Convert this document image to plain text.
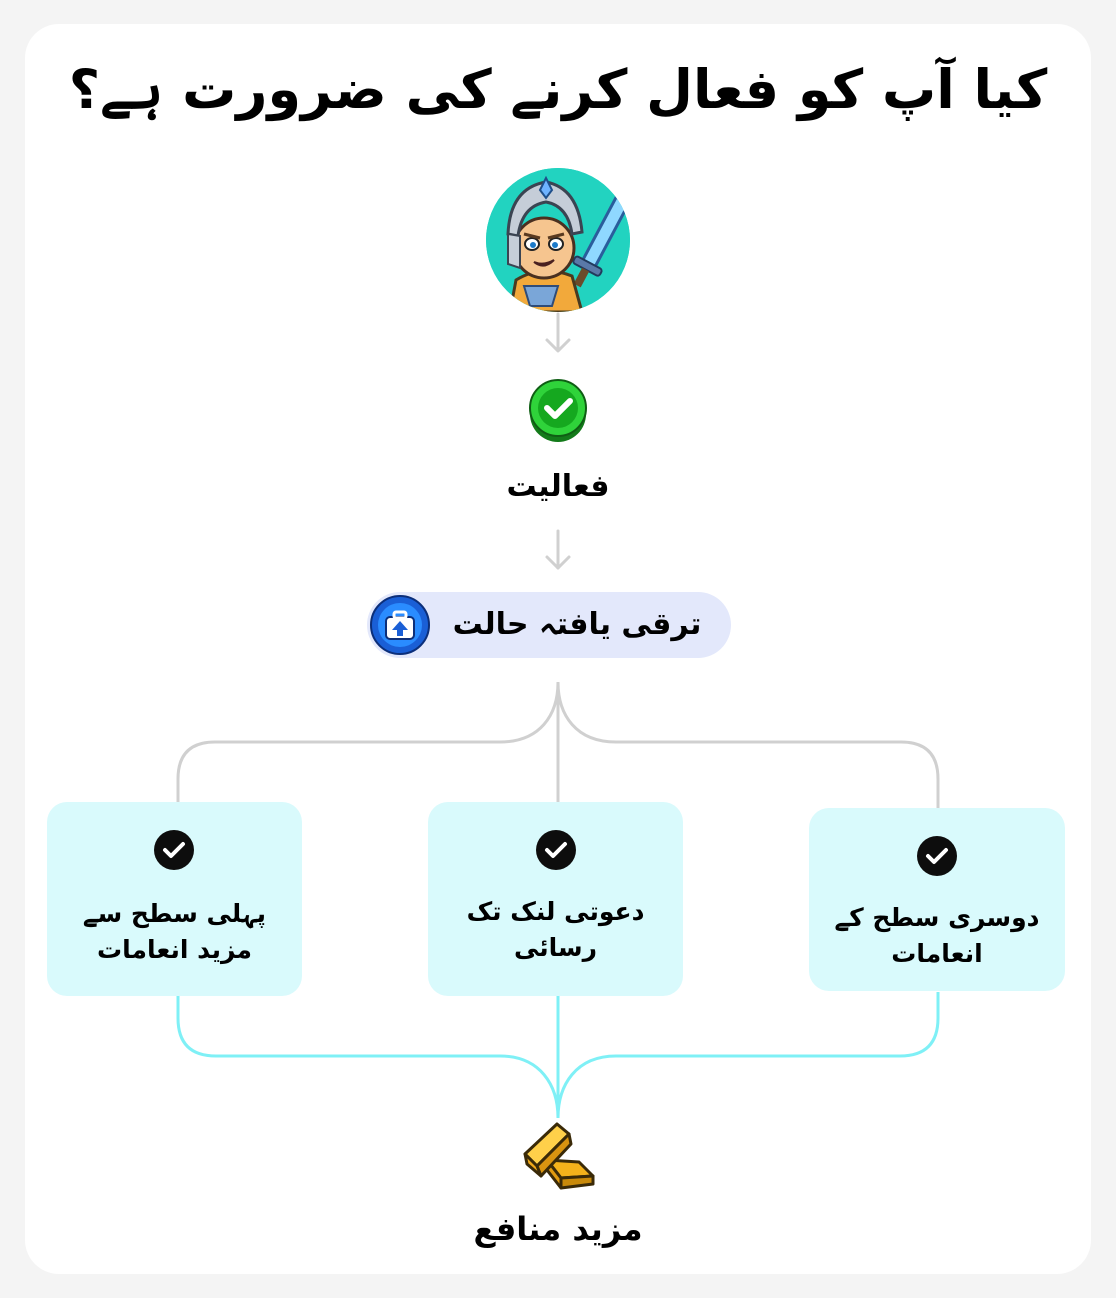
کیا آپ کو فعال کرنے کی ضرورت ہے؟
فعالیت
ترقی یافتہ حالت
پہلی سطح سے
مزید انعامات
دعوتی لنک تک
رسائی
دوسری سطح کے
انعامات
مزید منافع
